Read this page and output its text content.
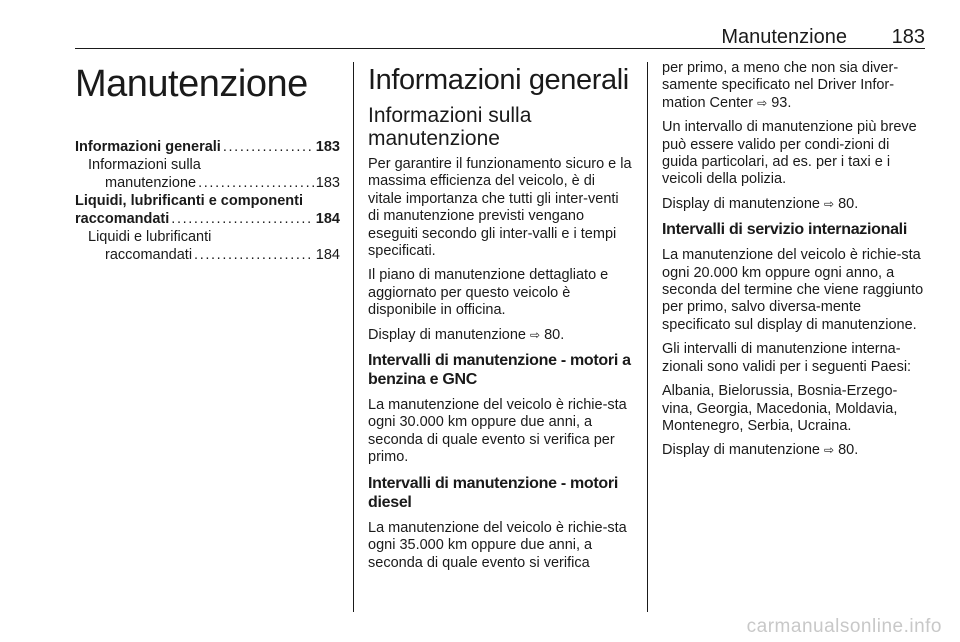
Manutenzione 183
Manutenzione
Informazioni generali . . .	183
Informazioni sulla
manutenzione . . .	183
Liquidi, lubrificanti e componenti
raccomandati . . .	184
Liquidi e lubrificanti
raccomandati . . .	184
Informazioni generali
Informazioni sulla
manutenzione
Per garantire il funzionamento sicuro e la massima efficienza del veicolo, è di vitale importanza che tutti gli inter-venti di manutenzione previsti vengano eseguiti secondo gli inter-valli e i tempi specificati.
Il piano di manutenzione dettagliato e aggiornato per questo veicolo è disponibile in officina.
Display di manutenzione ⇨ 80.
Intervalli di manutenzione - motori a benzina e GNC
La manutenzione del veicolo è richie-sta ogni 30.000 km oppure due anni, a seconda di quale evento si verifica per primo.
Intervalli di manutenzione - motori diesel
La manutenzione del veicolo è richie-sta ogni 35.000 km oppure due anni, a seconda di quale evento si verifica
per primo, a meno che non sia diver-samente specificato nel Driver Infor-mation Center ⇨ 93.
Un intervallo di manutenzione più breve può essere valido per condi-zioni di guida particolari, ad es. per i taxi e i veicoli della polizia.
Display di manutenzione ⇨ 80.
Intervalli di servizio internazionali
La manutenzione del veicolo è richie-sta ogni 20.000 km oppure ogni anno, a seconda del termine che viene raggiunto per primo, salvo diversa-mente specificato sul display di manutenzione.
Gli intervalli di manutenzione interna-zionali sono validi per i seguenti Paesi:
Albania, Bielorussia, Bosnia-Erzego-vina, Georgia, Macedonia, Moldavia, Montenegro, Serbia, Ucraina.
Display di manutenzione ⇨ 80.
carmanualsonline.info
